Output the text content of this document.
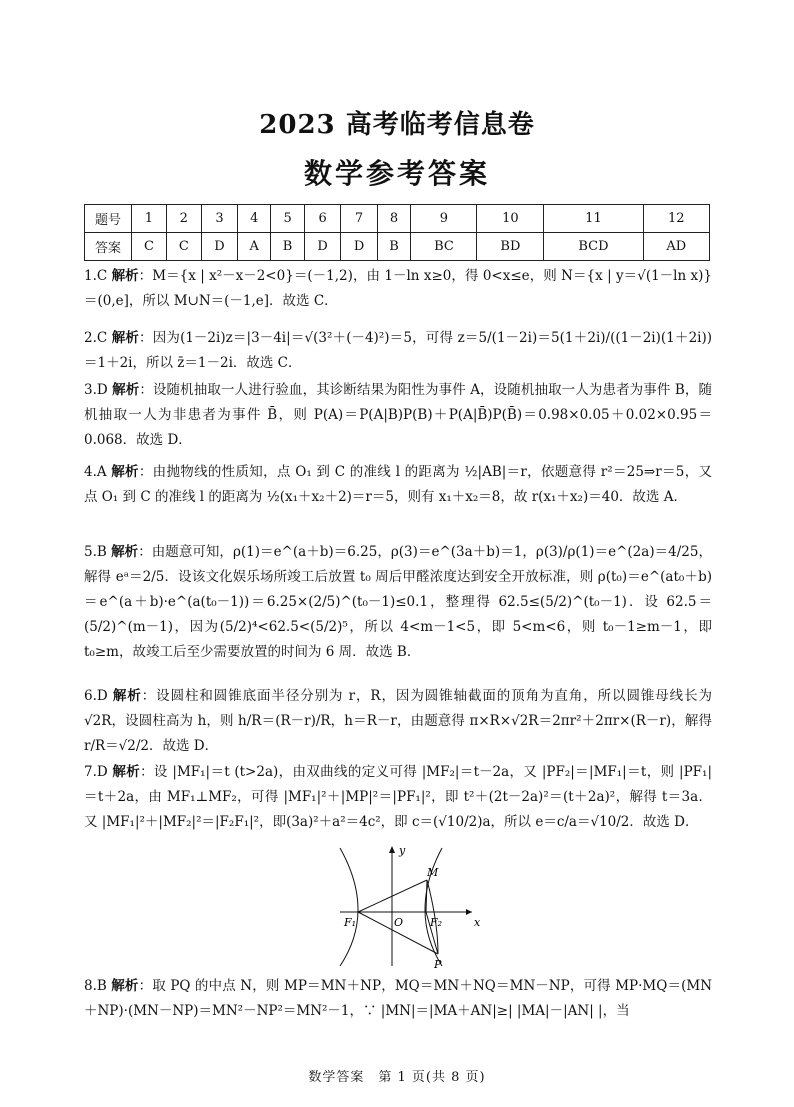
2023 高考临考信息卷
数学参考答案
题号	1	2	3	4	5	6	7	8	9	10	11	12
答案	C	C	D	A	B	D	D	B	BC	BD	BCD	AD
1.C 解析：M＝{x | x²－x－2<0}＝(－1,2)，由 1－ln x≥0，得 0<x≤e，则 N＝{x | y＝√(1－ln x)}＝(0,e]，所以 M∪N＝(－1,e]．故选 C．
2.C 解析：因为(1－2i)z＝|3－4i|＝√(3²＋(－4)²)＝5，可得 z＝5/(1－2i)＝5(1＋2i)/((1－2i)(1＋2i))＝1＋2i，所以 z̄＝1－2i．故选 C．
3.D 解析：设随机抽取一人进行验血，其诊断结果为阳性为事件 A，设随机抽取一人为患者为事件 B，随机抽取一人为非患者为事件 B̄，则 P(A)＝P(A|B)P(B)＋P(A|B̄)P(B̄)＝0.98×0.05＋0.02×0.95＝0.068．故选 D．
4.A 解析：由抛物线的性质知，点 O₁ 到 C 的准线 l 的距离为 ½|AB|＝r，依题意得 r²＝25⇒r＝5，又点 O₁ 到 C 的准线 l 的距离为 ½(x₁＋x₂＋2)＝r＝5，则有 x₁＋x₂＝8，故 r(x₁＋x₂)＝40．故选 A．
5.B 解析：由题意可知，ρ(1)＝e^(a＋b)＝6.25，ρ(3)＝e^(3a＋b)＝1，ρ(3)/ρ(1)＝e^(2a)＝4/25，解得 eᵃ＝2/5．设该文化娱乐场所竣工后放置 t₀ 周后甲醛浓度达到安全开放标准，则 ρ(t₀)＝e^(at₀＋b)＝e^(a＋b)·e^(a(t₀－1))＝6.25×(2/5)^(t₀－1)≤0.1，整理得 62.5≤(5/2)^(t₀－1)．设 62.5＝(5/2)^(m－1)，因为(5/2)⁴<62.5<(5/2)⁵，所以 4<m－1<5，即 5<m<6，则 t₀－1≥m－1，即 t₀≥m，故竣工后至少需要放置的时间为 6 周．故选 B．
6.D 解析：设圆柱和圆锥底面半径分别为 r，R，因为圆锥轴截面的顶角为直角，所以圆锥母线长为 √2R，设圆柱高为 h，则 h/R＝(R－r)/R，h＝R－r，由题意得 π×R×√2R＝2πr²＋2πr×(R－r)，解得 r/R＝√2/2．故选 D．
7.D 解析：设 |MF₁|＝t (t>2a)，由双曲线的定义可得 |MF₂|＝t－2a，又 |PF₂|＝|MF₁|＝t，则 |PF₁|＝t＋2a，由 MF₁⊥MF₂，可得 |MF₁|²＋|MP|²＝|PF₁|²，即 t²＋(2t－2a)²＝(t＋2a)²，解得 t＝3a．又 |MF₁|²＋|MF₂|²＝|F₂F₁|²，即(3a)²＋a²＝4c²，即 c＝(√10/2)a，所以 e＝c/a＝√10/2．故选 D．
y
x
O
F₁	F₂
M
P
8.B 解析：取 PQ 的中点 N，则 MP＝MN＋NP，MQ＝MN＋NQ＝MN－NP，可得 MP·MQ＝(MN＋NP)·(MN－NP)＝MN²－NP²＝MN²－1，∵ |MN|＝|MA＋AN|≥| |MA|－|AN| |，当
数学答案　第 1 页(共 8 页)
